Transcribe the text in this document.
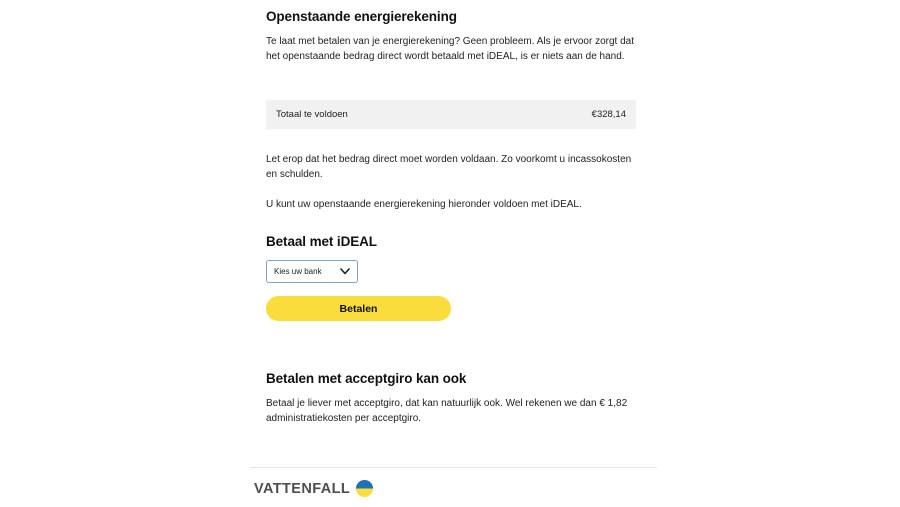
Openstaande energierekening

Te laat met betalen van je energierekening? Geen probleem. Als je ervoor zorgt dat het openstaande bedrag direct wordt betaald met iDEAL, is er niets aan de hand.

Totaal te voldoen	€328,14

Let erop dat het bedrag direct moet worden voldaan. Zo voorkomt u incassokosten en schulden.

U kunt uw openstaande energierekening hieronder voldoen met iDEAL.

Betaal met iDEAL
Kies uw bank
Betalen
Betalen met acceptgiro kan ook

Betaal je liever met acceptgiro, dat kan natuurlijk ook. Wel rekenen we dan € 1,82 administratiekosten per acceptgiro.

VATTENFALL
